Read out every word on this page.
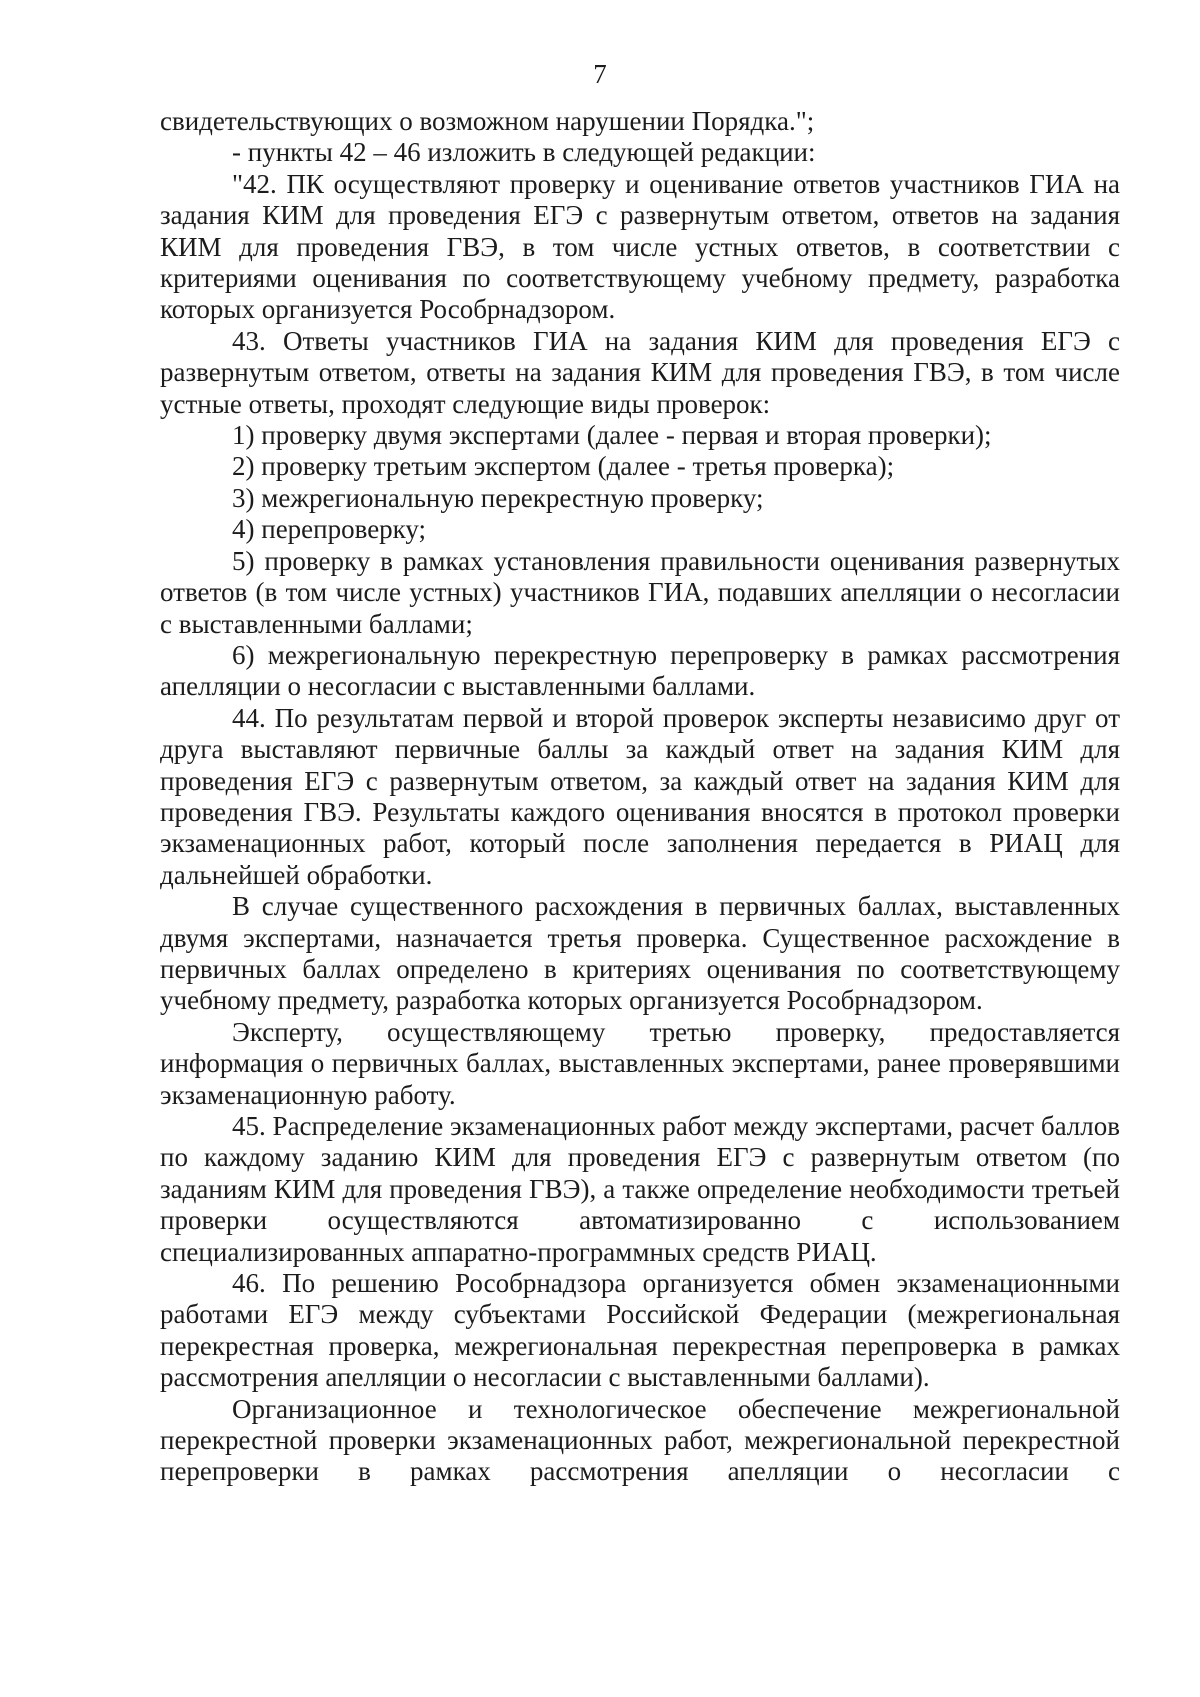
7

свидетельствующих о возможном нарушении Порядка.";

- пункты 42 – 46 изложить в следующей редакции:

"42. ПК осуществляют проверку и оценивание ответов участников ГИА на задания КИМ для проведения ЕГЭ с развернутым ответом, ответов на задания КИМ для проведения ГВЭ, в том числе устных ответов, в соответствии с критериями оценивания по соответствующему учебному предмету, разработка которых организуется Рособрнадзором.

43. Ответы участников ГИА на задания КИМ для проведения ЕГЭ с развернутым ответом, ответы на задания КИМ для проведения ГВЭ, в том числе устные ответы, проходят следующие виды проверок:

1) проверку двумя экспертами (далее - первая и вторая проверки);

2) проверку третьим экспертом (далее - третья проверка);

3) межрегиональную перекрестную проверку;

4) перепроверку;

5) проверку в рамках установления правильности оценивания развернутых ответов (в том числе устных) участников ГИА, подавших апелляции о несогласии с выставленными баллами;

6) межрегиональную перекрестную перепроверку в рамках рассмотрения апелляции о несогласии с выставленными баллами.

44. По результатам первой и второй проверок эксперты независимо друг от друга выставляют первичные баллы за каждый ответ на задания КИМ для проведения ЕГЭ с развернутым ответом, за каждый ответ на задания КИМ для проведения ГВЭ. Результаты каждого оценивания вносятся в протокол проверки экзаменационных работ, который после заполнения передается в РИАЦ для дальнейшей обработки.

В случае существенного расхождения в первичных баллах, выставленных двумя экспертами, назначается третья проверка. Существенное расхождение в первичных баллах определено в критериях оценивания по соответствующему учебному предмету, разработка которых организуется Рособрнадзором.

Эксперту, осуществляющему третью проверку, предоставляется информация о первичных баллах, выставленных экспертами, ранее проверявшими экзаменационную работу.

45. Распределение экзаменационных работ между экспертами, расчет баллов по каждому заданию КИМ для проведения ЕГЭ с развернутым ответом (по заданиям КИМ для проведения ГВЭ), а также определение необходимости третьей проверки осуществляются автоматизированно с использованием специализированных аппаратно-программных средств РИАЦ.

46. По решению Рособрнадзора организуется обмен экзаменационными работами ЕГЭ между субъектами Российской Федерации (межрегиональная перекрестная проверка, межрегиональная перекрестная перепроверка в рамках рассмотрения апелляции о несогласии с выставленными баллами).

Организационное и технологическое обеспечение межрегиональной перекрестной проверки экзаменационных работ, межрегиональной перекрестной перепроверки в рамках рассмотрения апелляции о несогласии с
